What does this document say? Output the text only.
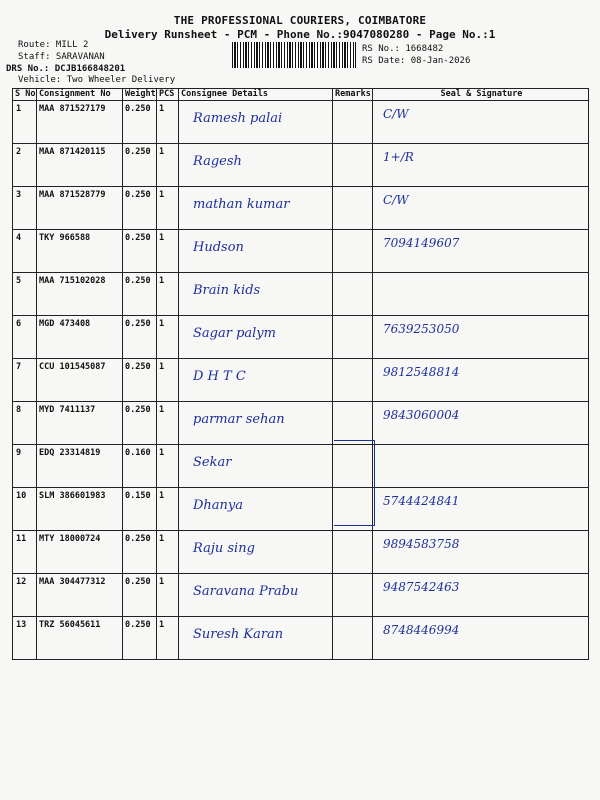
THE PROFESSIONAL COURIERS, COIMBATORE
Delivery Runsheet - PCM - Phone No.:9047080280 - Page No.:1
Route: MILL 2
Staff: SARAVANAN
DRS No.: DCJB166848201
Vehicle: Two Wheeler Delivery
RS No.: 1668482
RS Date: 08-Jan-2026
S No	Consignment No	Weight	PCS	Consignee Details	Remarks	Seal & Signature

1	MAA 871527179	0.250	1	Ramesh palai		C/W

2	MAA 871420115	0.250	1	Ragesh		1+/R

3	MAA 871528779	0.250	1	mathan kumar		C/W

4	TKY 966588	0.250	1	Hudson		7094149607

5	MAA 715102028	0.250	1	Brain kids		

6	MGD 473408	0.250	1	Sagar palym		7639253050

7	CCU 101545087	0.250	1	D H T C		9812548814

8	MYD 7411137	0.250	1	parmar sehan		9843060004

9	EDQ 23314819	0.160	1	Sekar		

10	SLM 386601983	0.150	1	Dhanya		5744424841

11	MTY 18000724	0.250	1	Raju sing		9894583758

12	MAA 304477312	0.250	1	Saravana Prabu		9487542463

13	TRZ 56045611	0.250	1	Suresh Karan		8748446994
